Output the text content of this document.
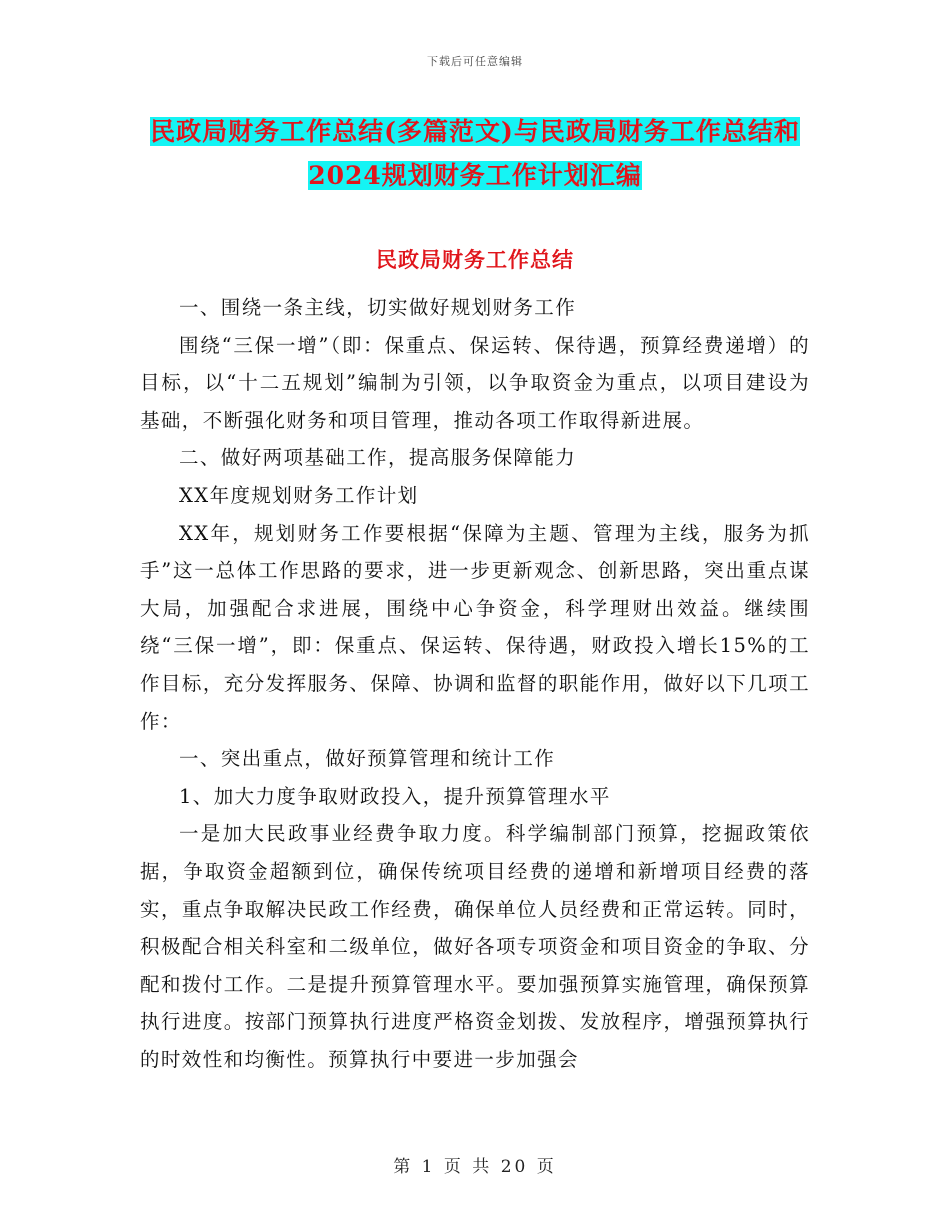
下载后可任意编辑
民政局财务工作总结(多篇范文)与民政局财务工作总结和2024规划财务工作计划汇编
民政局财务工作总结

一、围绕一条主线，切实做好规划财务工作

围绕“三保一增”（即：保重点、保运转、保待遇，预算经费递增）的目标，以“十二五规划”编制为引领，以争取资金为重点，以项目建设为基础，不断强化财务和项目管理，推动各项工作取得新进展。

二、做好两项基础工作，提高服务保障能力

XX年度规划财务工作计划

XX年，规划财务工作要根据“保障为主题、管理为主线，服务为抓手”这一总体工作思路的要求，进一步更新观念、创新思路，突出重点谋大局，加强配合求进展，围绕中心争资金，科学理财出效益。继续围绕“三保一增”，即：保重点、保运转、保待遇，财政投入增长15%的工作目标，充分发挥服务、保障、协调和监督的职能作用，做好以下几项工作：

一、突出重点，做好预算管理和统计工作

1、加大力度争取财政投入，提升预算管理水平

一是加大民政事业经费争取力度。科学编制部门预算，挖掘政策依据，争取资金超额到位，确保传统项目经费的递增和新增项目经费的落实，重点争取解决民政工作经费，确保单位人员经费和正常运转。同时，积极配合相关科室和二级单位，做好各项专项资金和项目资金的争取、分配和拨付工作。二是提升预算管理水平。要加强预算实施管理，确保预算执行进度。按部门预算执行进度严格资金划拨、发放程序，增强预算执行的时效性和均衡性。预算执行中要进一步加强会

第 1 页 共 20 页
